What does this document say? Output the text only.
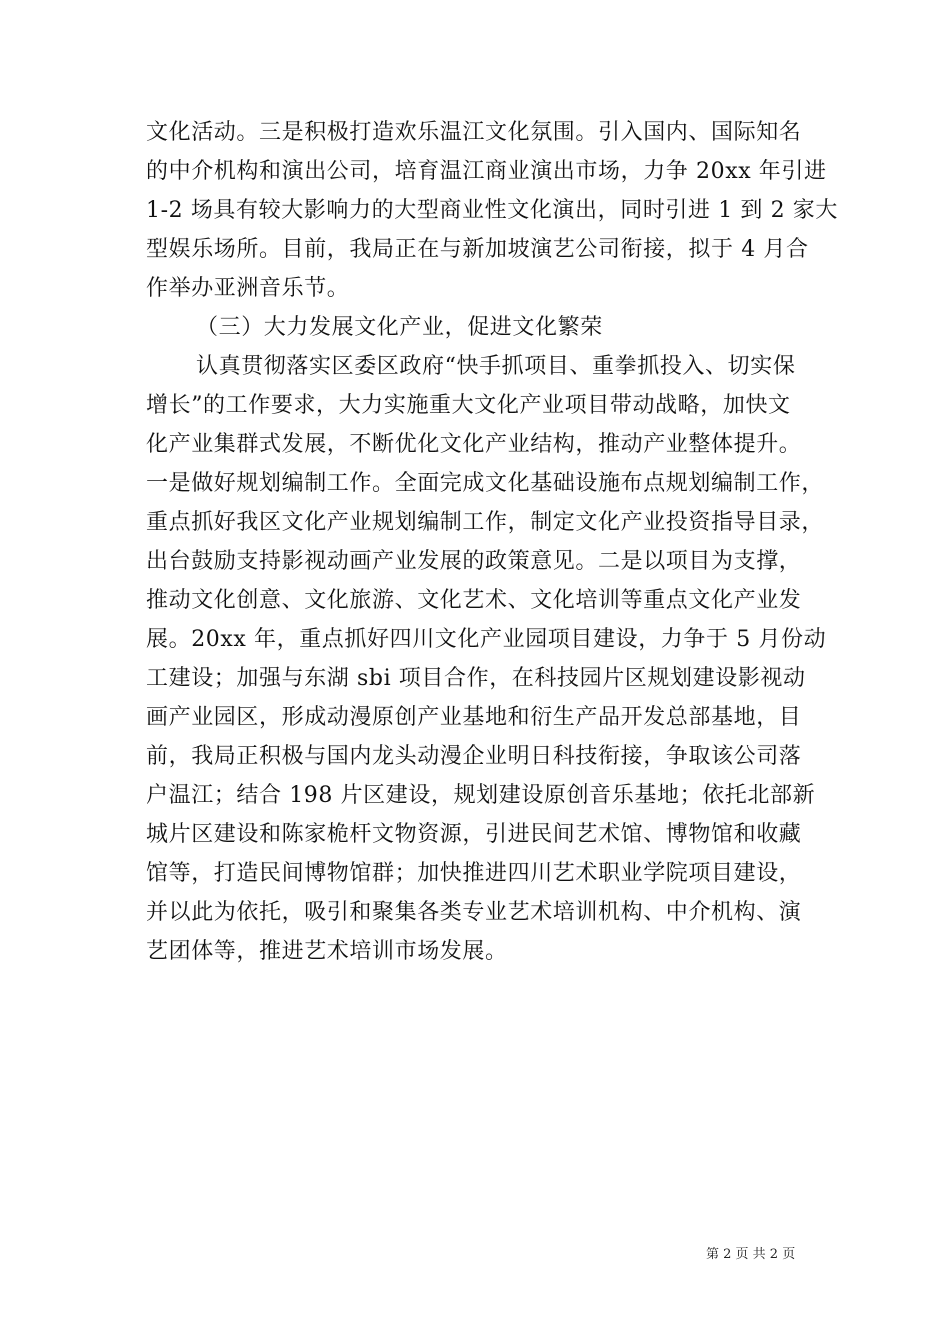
文化活动。三是积极打造欢乐温江文化氛围。引入国内、国际知名
的中介机构和演出公司，培育温江商业演出市场，力争 20xx 年引进
1-2 场具有较大影响力的大型商业性文化演出，同时引进 1 到 2 家大
型娱乐场所。目前，我局正在与新加坡演艺公司衔接，拟于 4 月合
作举办亚洲音乐节。
（三）大力发展文化产业，促进文化繁荣
认真贯彻落实区委区政府“快手抓项目、重拳抓投入、切实保
增长”的工作要求，大力实施重大文化产业项目带动战略，加快文
化产业集群式发展，不断优化文化产业结构，推动产业整体提升。
一是做好规划编制工作。全面完成文化基础设施布点规划编制工作，
重点抓好我区文化产业规划编制工作，制定文化产业投资指导目录，
出台鼓励支持影视动画产业发展的政策意见。二是以项目为支撑，
推动文化创意、文化旅游、文化艺术、文化培训等重点文化产业发
展。20xx 年，重点抓好四川文化产业园项目建设，力争于 5 月份动
工建设；加强与东湖 sbi 项目合作，在科技园片区规划建设影视动
画产业园区，形成动漫原创产业基地和衍生产品开发总部基地，目
前，我局正积极与国内龙头动漫企业明日科技衔接，争取该公司落
户温江；结合 198 片区建设，规划建设原创音乐基地；依托北部新
城片区建设和陈家桅杆文物资源，引进民间艺术馆、博物馆和收藏
馆等，打造民间博物馆群；加快推进四川艺术职业学院项目建设，
并以此为依托，吸引和聚集各类专业艺术培训机构、中介机构、演
艺团体等，推进艺术培训市场发展。
第 2 页 共 2 页
